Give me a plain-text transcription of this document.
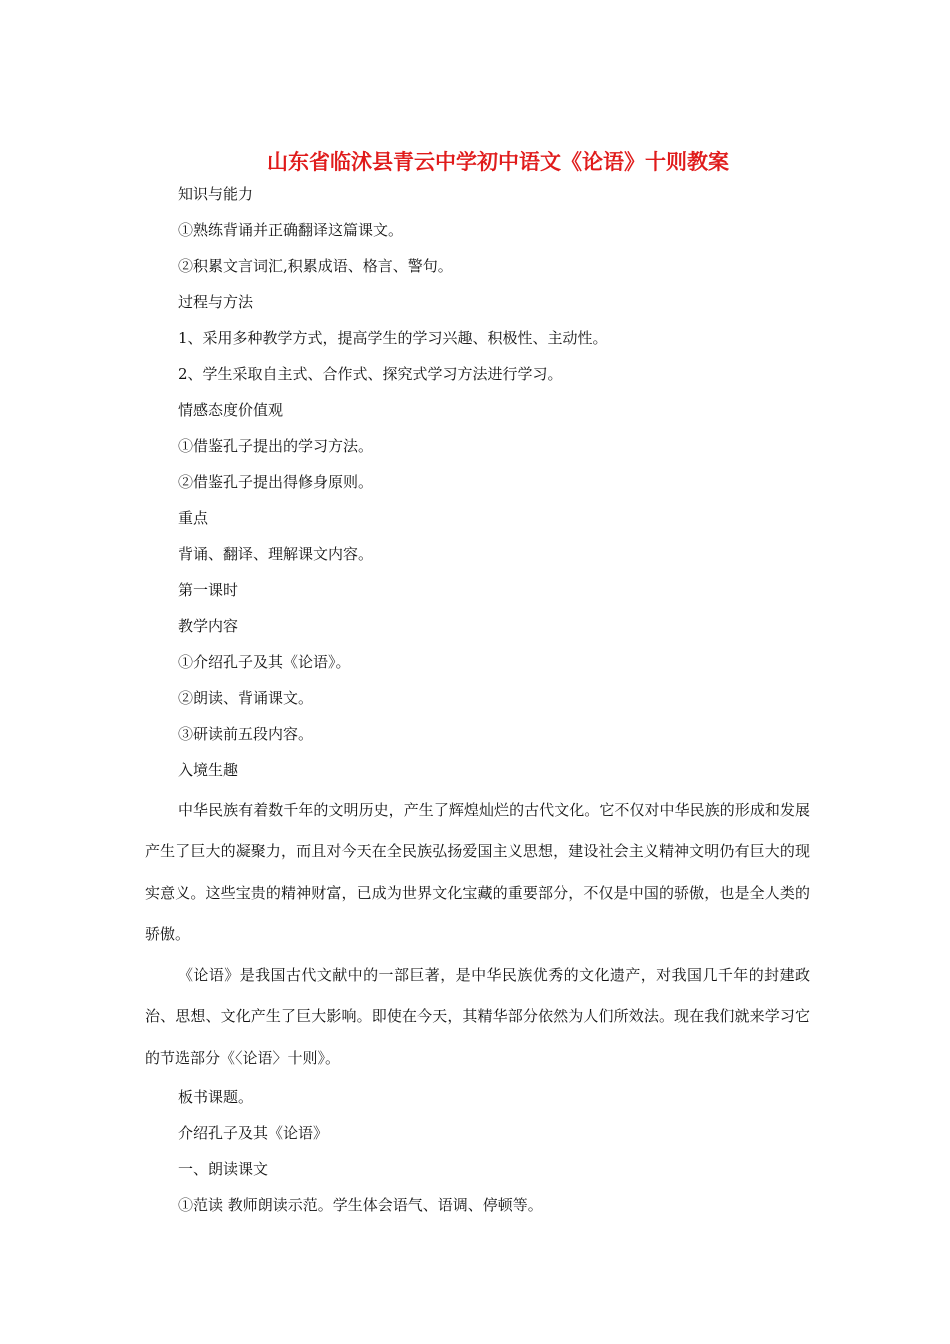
山东省临沭县青云中学初中语文《论语》十则教案
知识与能力
①熟练背诵并正确翻译这篇课文。
②积累文言词汇,积累成语、格言、警句。
过程与方法
1、采用多种教学方式，提高学生的学习兴趣、积极性、主动性。
2、学生采取自主式、合作式、探究式学习方法进行学习。
情感态度价值观
①借鉴孔子提出的学习方法。
②借鉴孔子提出得修身原则。
重点
背诵、翻译、理解课文内容。
第一课时
教学内容
①介绍孔子及其《论语》。
②朗读、背诵课文。
③研读前五段内容。
入境生趣

中华民族有着数千年的文明历史，产生了辉煌灿烂的古代文化。它不仅对中华民族的形成和发展产生了巨大的凝聚力，而且对今天在全民族弘扬爱国主义思想，建设社会主义精神文明仍有巨大的现实意义。这些宝贵的精神财富，已成为世界文化宝藏的重要部分，不仅是中国的骄傲，也是全人类的骄傲。

《论语》是我国古代文献中的一部巨著，是中华民族优秀的文化遗产，对我国几千年的封建政治、思想、文化产生了巨大影响。即使在今天，其精华部分依然为人们所效法。现在我们就来学习它的节选部分《〈论语〉十则》。

板书课题。
介绍孔子及其《论语》
一、朗读课文
①范读 教师朗读示范。学生体会语气、语调、停顿等。
